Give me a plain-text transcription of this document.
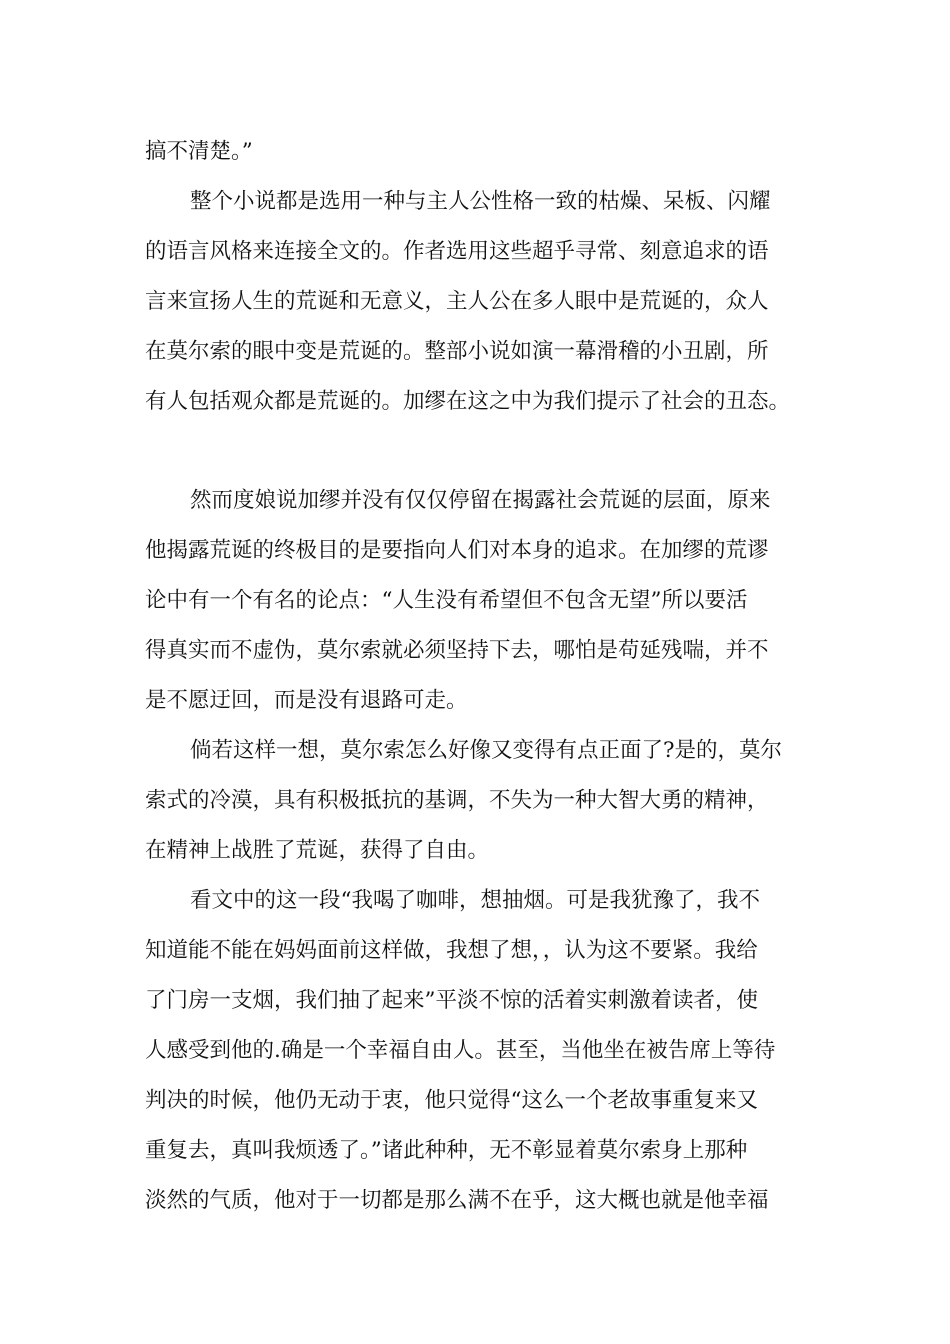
搞不清楚。”

整个小说都是选用一种与主人公性格一致的枯燥、呆板、闪耀

的语言风格来连接全文的。作者选用这些超乎寻常、刻意追求的语

言来宣扬人生的荒诞和无意义，主人公在多人眼中是荒诞的，众人

在莫尔索的眼中变是荒诞的。整部小说如演一幕滑稽的小丑剧，所

有人包括观众都是荒诞的。加缪在这之中为我们提示了社会的丑态。

然而度娘说加缪并没有仅仅停留在揭露社会荒诞的层面，原来

他揭露荒诞的终极目的是要指向人们对本身的追求。在加缪的荒谬

论中有一个有名的论点：“人生没有希望但不包含无望”所以要活

得真实而不虚伪，莫尔索就必须坚持下去，哪怕是苟延残喘，并不

是不愿迂回，而是没有退路可走。

倘若这样一想，莫尔索怎么好像又变得有点正面了?是的，莫尔

索式的冷漠，具有积极抵抗的基调，不失为一种大智大勇的精神，

在精神上战胜了荒诞，获得了自由。

看文中的这一段“我喝了咖啡，想抽烟。可是我犹豫了，我不

知道能不能在妈妈面前这样做，我想了想，，认为这不要紧。我给

了门房一支烟，我们抽了起来”平淡不惊的活着实刺激着读者，使

人感受到他的.确是一个幸福自由人。甚至，当他坐在被告席上等待

判决的时候，他仍无动于衷，他只觉得“这么一个老故事重复来又

重复去，真叫我烦透了。”诸此种种，无不彰显着莫尔索身上那种

淡然的气质，他对于一切都是那么满不在乎，这大概也就是他幸福
